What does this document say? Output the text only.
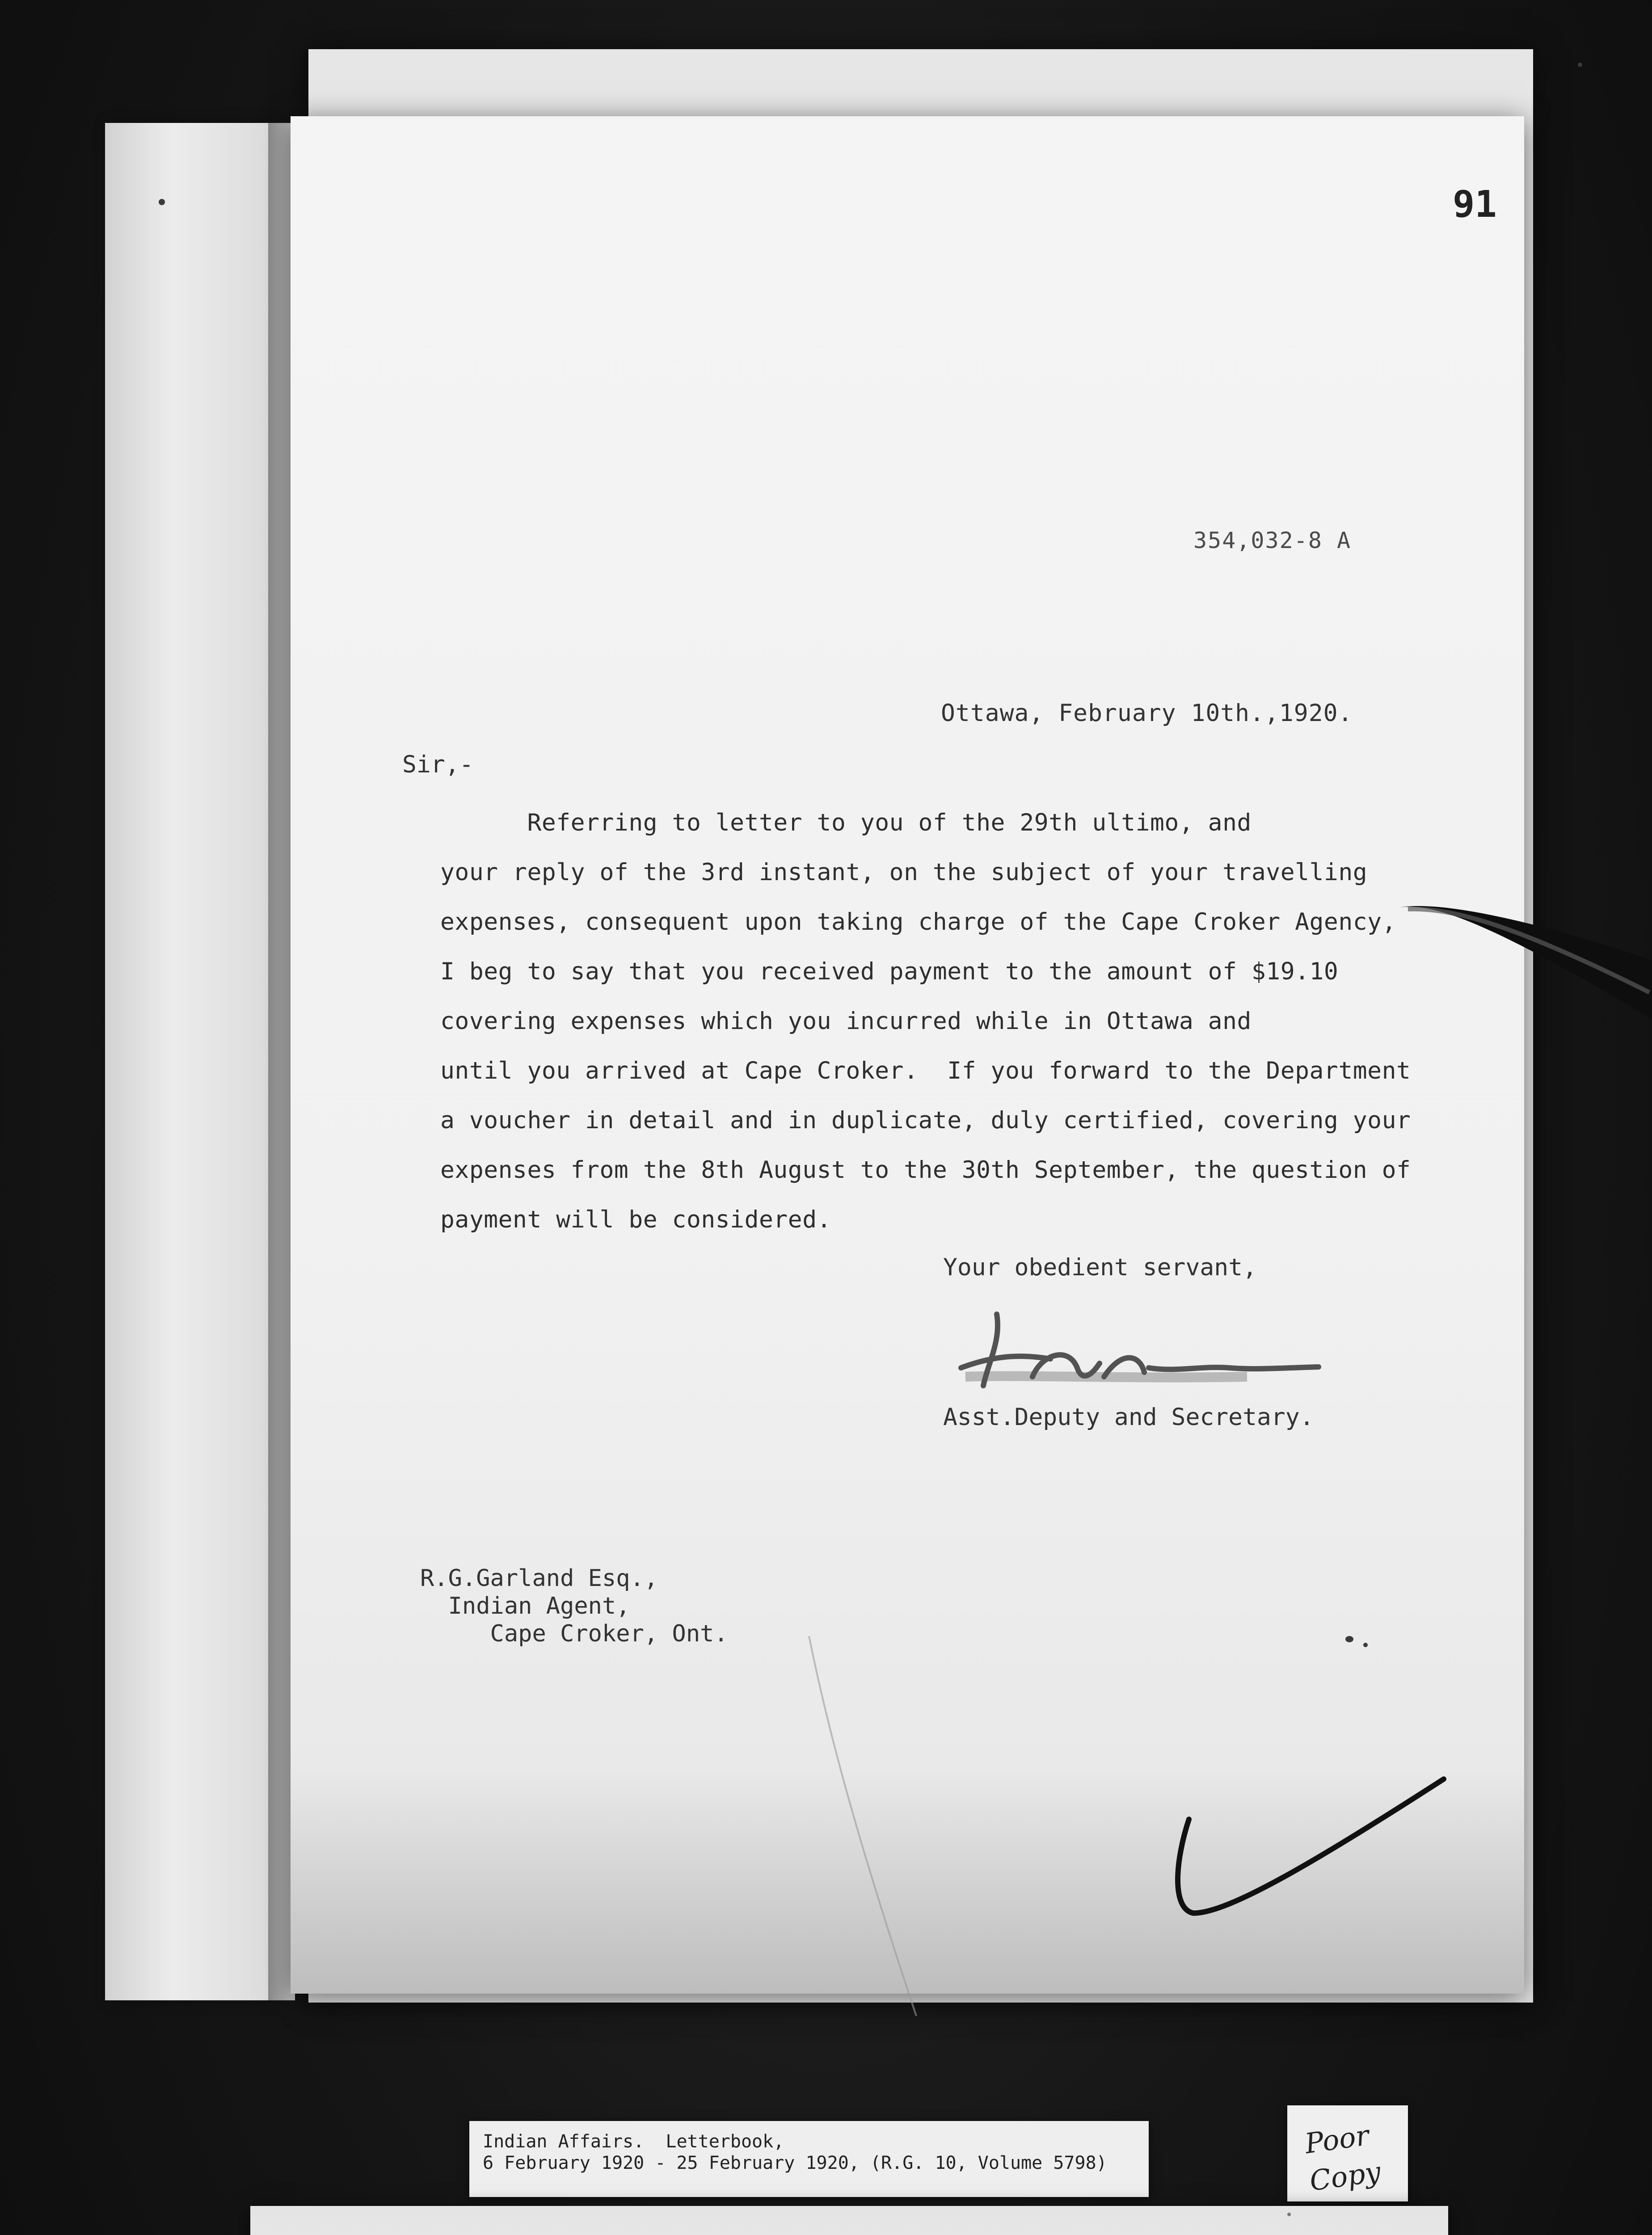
91
354,032-8 A
Ottawa, February 10th.,1920.
Sir,-
Referring to letter to you of the 29th ultimo, and
your reply of the 3rd instant, on the subject of your travelling
expenses, consequent upon taking charge of the Cape Croker Agency,
I beg to say that you received payment to the amount of $19.10
covering expenses which you incurred while in Ottawa and
until you arrived at Cape Croker.  If you forward to the Department
a voucher in detail and in duplicate, duly certified, covering your
expenses from the 8th August to the 30th September, the question of
payment will be considered.
Your obedient servant,
Asst.Deputy and Secretary.
R.G.Garland Esq.,
Indian Agent,
Cape Croker, Ont.
Indian Affairs.  Letterbook,
6 February 1920 - 25 February 1920, (R.G. 10, Volume 5798)
Poor
Copy
